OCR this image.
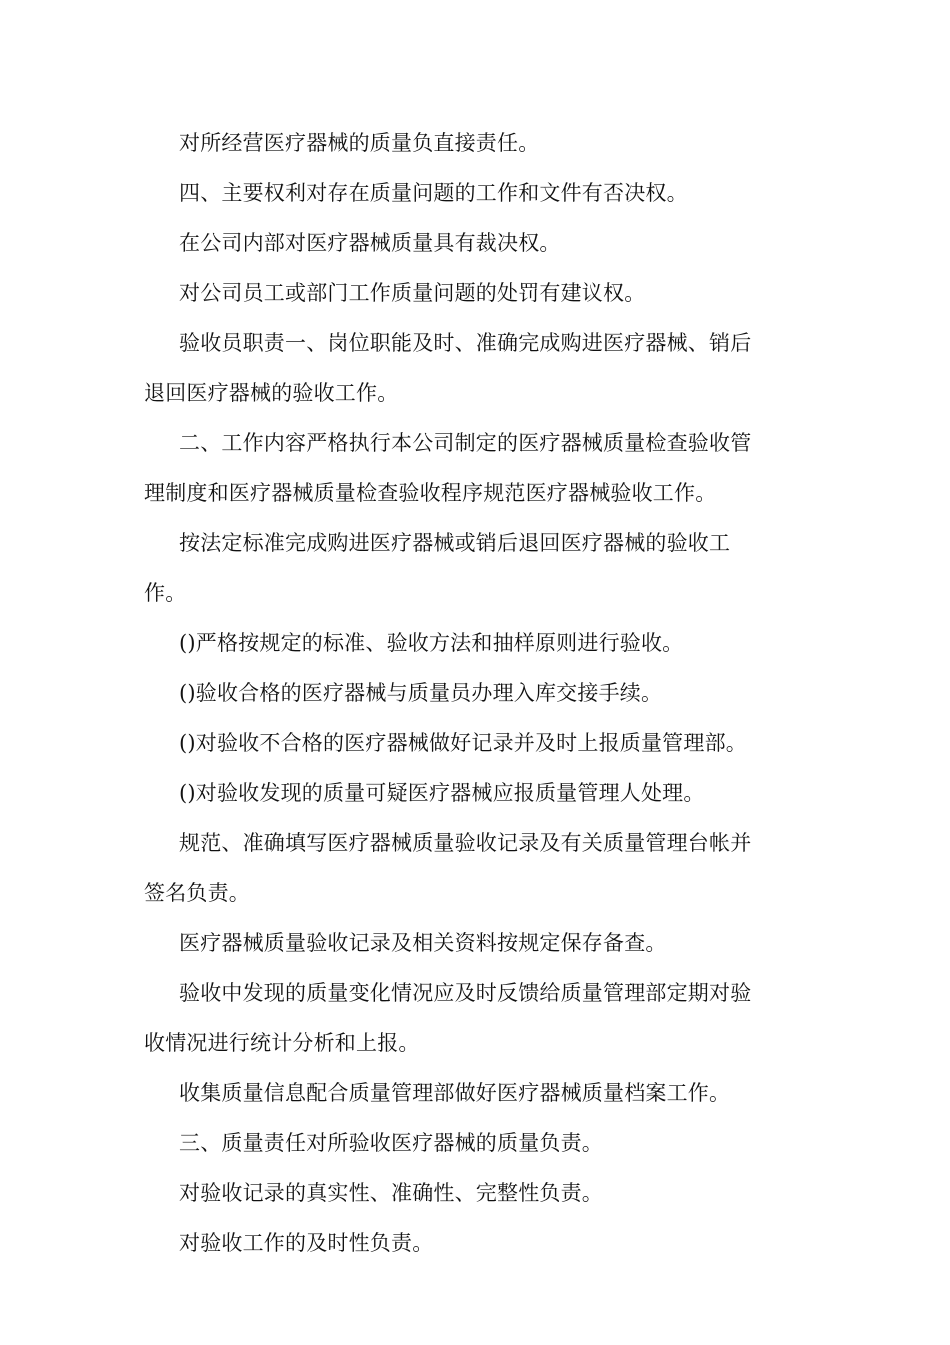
对所经营医疗器械的质量负直接责任。

四、主要权利对存在质量问题的工作和文件有否决权。

在公司内部对医疗器械质量具有裁决权。

对公司员工或部门工作质量问题的处罚有建议权。

验收员职责一、岗位职能及时、准确完成购进医疗器械、销后退回医疗器械的验收工作。

二、工作内容严格执行本公司制定的医疗器械质量检查验收管理制度和医疗器械质量检查验收程序规范医疗器械验收工作。

按法定标准完成购进医疗器械或销后退回医疗器械的验收工作。

()严格按规定的标准、验收方法和抽样原则进行验收。

()验收合格的医疗器械与质量员办理入库交接手续。

()对验收不合格的医疗器械做好记录并及时上报质量管理部。

()对验收发现的质量可疑医疗器械应报质量管理人处理。

规范、准确填写医疗器械质量验收记录及有关质量管理台帐并签名负责。

医疗器械质量验收记录及相关资料按规定保存备查。

验收中发现的质量变化情况应及时反馈给质量管理部定期对验收情况进行统计分析和上报。

收集质量信息配合质量管理部做好医疗器械质量档案工作。

三、质量责任对所验收医疗器械的质量负责。

对验收记录的真实性、准确性、完整性负责。

对验收工作的及时性负责。
